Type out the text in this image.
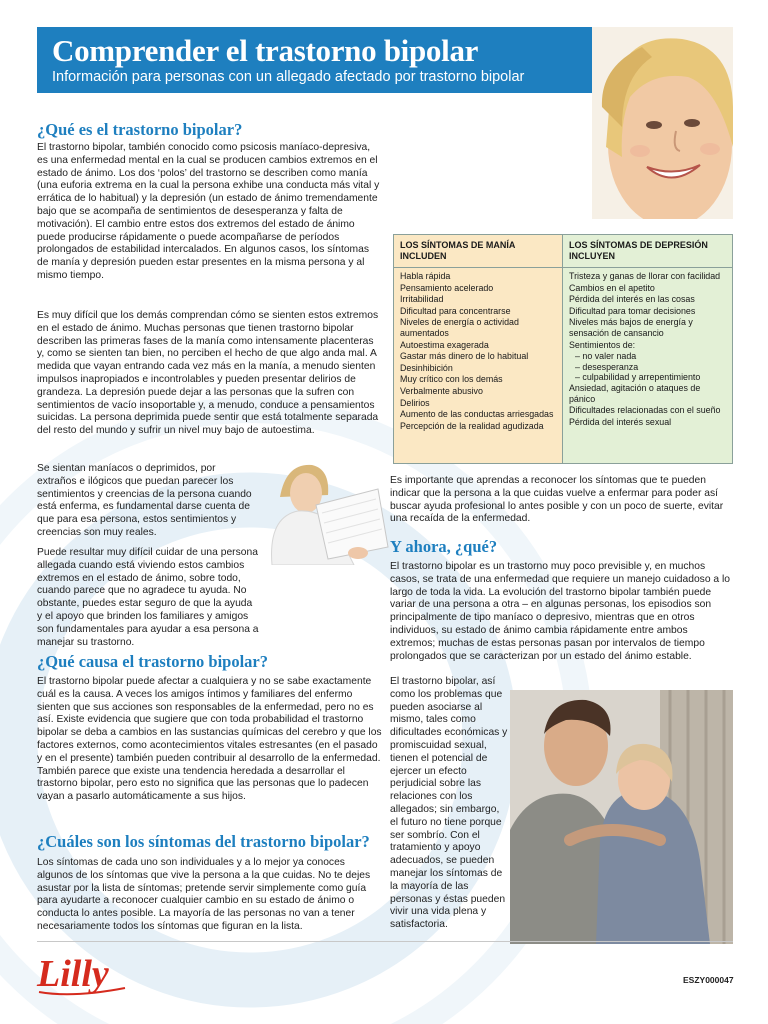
Comprender el trastorno bipolar
Información para personas con un allegado afectado por trastorno bipolar
¿Qué es el trastorno bipolar?

El trastorno bipolar, también conocido como psicosis maníaco-depresiva, es una enfermedad mental en la cual se producen cambios extremos en el estado de ánimo. Los dos ‘polos’ del trastorno se describen como manía (una euforia extrema en la cual la persona exhibe una conducta más vital y errática de lo habitual) y la depresión (un estado de ánimo tremendamente bajo que se acompaña de sentimientos de desesperanza y falta de motivación). El cambio entre estos dos extremos del estado de ánimo puede producirse rápidamente o puede acompañarse de períodos prolongados de estabilidad intercalados. En algunos casos, los síntomas de manía y depresión pueden estar presentes en la misma persona y al mismo tiempo.

Es muy difícil que los demás comprendan cómo se sienten estos extremos en el estado de ánimo. Muchas personas que tienen trastorno bipolar describen las primeras fases de la manía como intensamente placenteras y, como se sienten tan bien, no perciben el hecho de que algo anda mal. A medida que vayan entrando cada vez más en la manía, a menudo sienten impulsos inapropiados e incontrolables y pueden presentar delirios de grandeza. La depresión puede dejar a las personas que la sufren con sentimientos de vacío insoportable y, a menudo, conduce a pensamientos suicidas. La persona deprimida puede sentir que está totalmente separada del resto del mundo y sufrir un nivel muy bajo de autoestima.

Se sientan maníacos o deprimidos, por extraños e ilógicos que puedan parecer los sentimientos y creencias de la persona cuando está enferma, es fundamental darse cuenta de que para esa persona, estos sentimientos y creencias son muy reales.

Puede resultar muy difícil cuidar de una persona allegada cuando está viviendo estos cambios extremos en el estado de ánimo, sobre todo, cuando parece que no agradece tu ayuda. No obstante, puedes estar seguro de que la ayuda y el apoyo que brinden los familiares y amigos son fundamentales para ayudar a esa persona a manejar su trastorno.

¿Qué causa el trastorno bipolar?

El trastorno bipolar puede afectar a cualquiera y no se sabe exactamente cuál es la causa. A veces los amigos íntimos y familiares del enfermo sienten que sus acciones son responsables de la enfermedad, pero no es así. Existe evidencia que sugiere que con toda probabilidad el trastorno bipolar se deba a cambios en las sustancias químicas del cerebro y que los factores externos, como acontecimientos vitales estresantes (en el pasado y en el presente) también pueden contribuir al desarrollo de la enfermedad. También parece que existe una tendencia heredada a desarrollar el trastorno bipolar, pero esto no significa que las personas que lo padecen vayan a pasarlo automáticamente a sus hijos.

¿Cuáles son los síntomas del trastorno bipolar?

Los síntomas de cada uno son individuales y a lo mejor ya conoces algunos de los síntomas que vive la persona a la que cuidas. No te dejes asustar por la lista de síntomas; pretende servir simplemente como guía para ayudarte a reconocer cualquier cambio en su estado de ánimo o conducta lo antes posible. La mayoría de las personas no van a tener necesariamente todos los síntomas que figuran en la lista.

LOS SÍNTOMAS DE MANÍA INCLUDEN
Habla rápida
Pensamiento acelerado
Irritabilidad
Dificultad para concentrarse
Niveles de energía o actividad aumentados
Autoestima exagerada
Gastar más dinero de lo habitual
Desinhibición
Muy crítico con los demás
Verbalmente abusivo
Delirios
Aumento de las conductas arriesgadas
Percepción de la realidad agudizada
LOS SÍNTOMAS DE DEPRESIÓN INCLUYEN
Tristeza y ganas de llorar con facilidad
Cambios en el apetito
Pérdida del interés en las cosas
Dificultad para tomar decisiones
Niveles más bajos de energía y sensación de cansancio
Sentimientos de:
– no valer nada
– desesperanza
– culpabilidad y arrepentimiento
Ansiedad, agitación o ataques de pánico
Dificultades relacionadas con el sueño
Pérdida del interés sexual

Es importante que aprendas a reconocer los síntomas que te pueden indicar que la persona a la que cuidas vuelve a enfermar para poder así buscar ayuda profesional lo antes posible y con un poco de suerte, evitar una recaída de la enfermedad.

Y ahora, ¿qué?

El trastorno bipolar es un trastorno muy poco previsible y, en muchos casos, se trata de una enfermedad que requiere un manejo cuidadoso a lo largo de toda la vida. La evolución del trastorno bipolar también puede variar de una persona a otra – en algunas personas, los episodios son principalmente de tipo maníaco o depresivo, mientras que en otros individuos, su estado de ánimo cambia rápidamente entre ambos extremos; muchas de estas personas pasan por intervalos de tiempo prolongados que se caracterizan por un estado del ánimo estable.

El trastorno bipolar, así como los problemas que pueden asociarse al mismo, tales como dificultades económicas y promiscuidad sexual, tienen el potencial de ejercer un efecto perjudicial sobre las relaciones con los allegados; sin embargo, el futuro no tiene porque ser sombrío. Con el tratamiento y apoyo adecuados, se pueden manejar los síntomas de la mayoría de las personas y éstas pueden vivir una vida plena y satisfactoria.

Lilly	ESZY000047
